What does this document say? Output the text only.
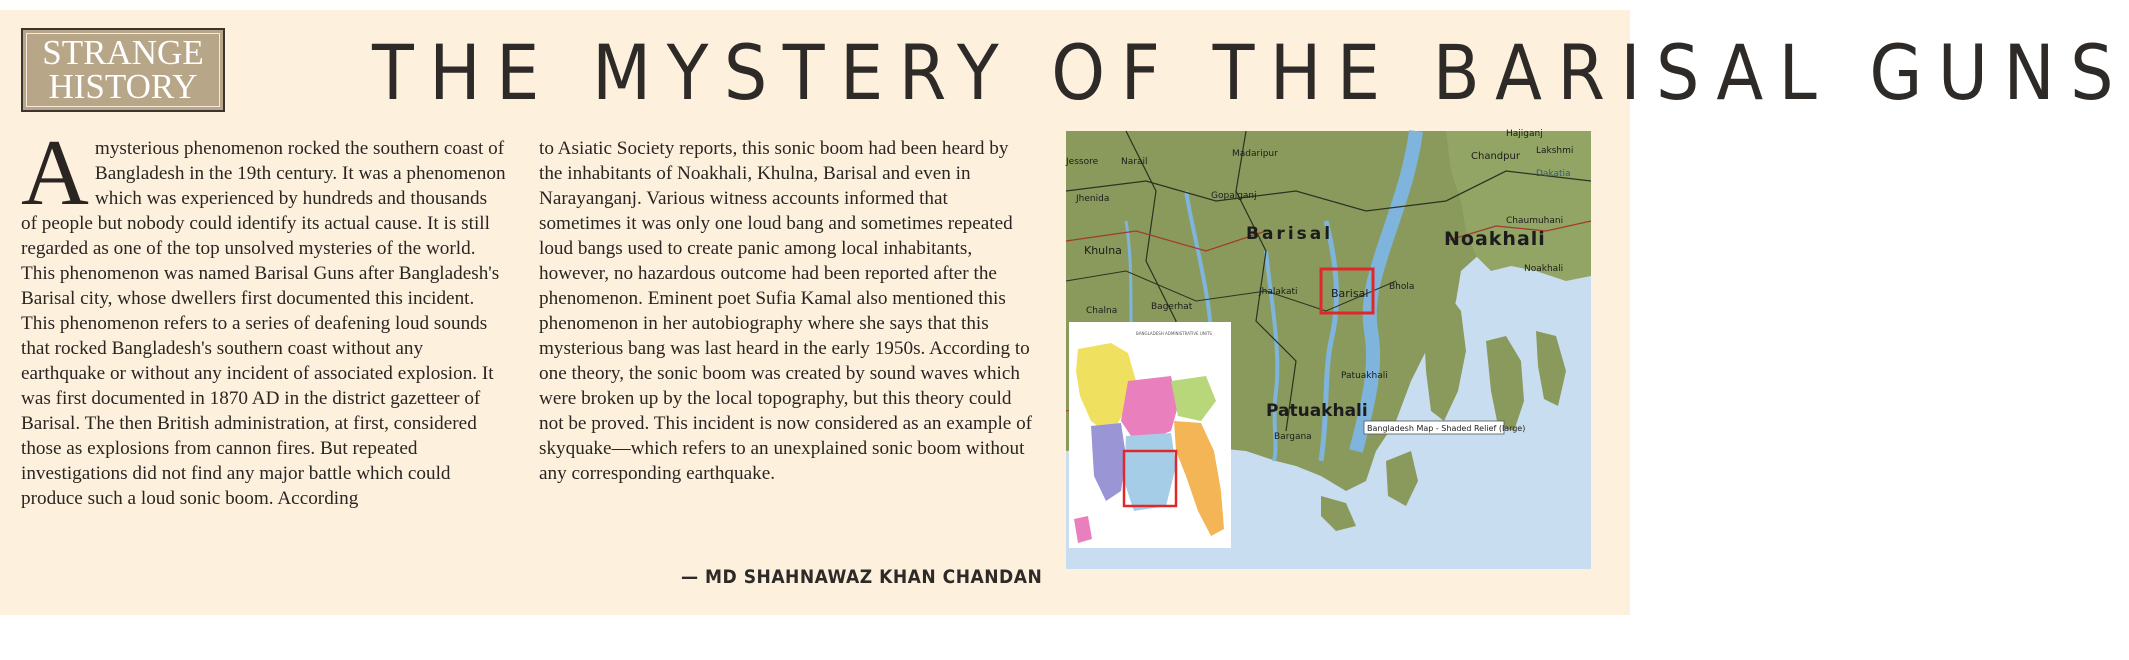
STRANGE
HISTORY THE MYSTERY OF THE BARISAL GUNS

A mysterious phenomenon rocked the southern coast of Bangladesh in the 19th century. It was a phenomenon which was experienced by hundreds and thousands of people but nobody could identify its actual cause. It is still regarded as one of the top unsolved mysteries of the world. This phenomenon was named Barisal Guns after Bangladesh's Barisal city, whose dwellers first documented this incident. This phenomenon refers to a series of deafening loud sounds that rocked Bangladesh's southern coast without any earthquake or without any incident of associated explosion. It was first documented in 1870 AD in the district gazetteer of Barisal. The then British administration, at first, considered those as explosions from cannon fires. But repeated investigations did not find any major battle which could produce such a loud sonic boom. According

to Asiatic Society reports, this sonic boom had been heard by the inhabitants of Noakhali, Khulna, Barisal and even in Narayanganj. Various witness accounts informed that sometimes it was only one loud bang and sometimes repeated loud bangs used to create panic among local inhabitants, however, no hazardous outcome had been reported after the phenomenon. Eminent poet Sufia Kamal also mentioned this phenomenon in her autobiography where she says that this mysterious bang was last heard in the early 1950s. According to one theory, the sonic boom was created by sound waves which were broken up by the local topography, but this theory could not be proved. This incident is now considered as an example of skyquake—which refers to an unexplained sonic boom without any corresponding earthquake.

— MD SHAHNAWAZ KHAN CHANDAN
Barisal	Noakhali
Patuakhali
Barisal
Khulna
Chandpur
Narail
Madaripur
Gopalganj
Bagerhat
Jhalakati	Bhola
Patuakhali
Bargana
Chaumuhani
Noakhali
Lakshmi
Hajiganj
Jessore
Jhenida
Chalna
Dakatia
Bangladesh Map - Shaded Relief (large)
BANGLADESH ADMINISTRATIVE UNITS
